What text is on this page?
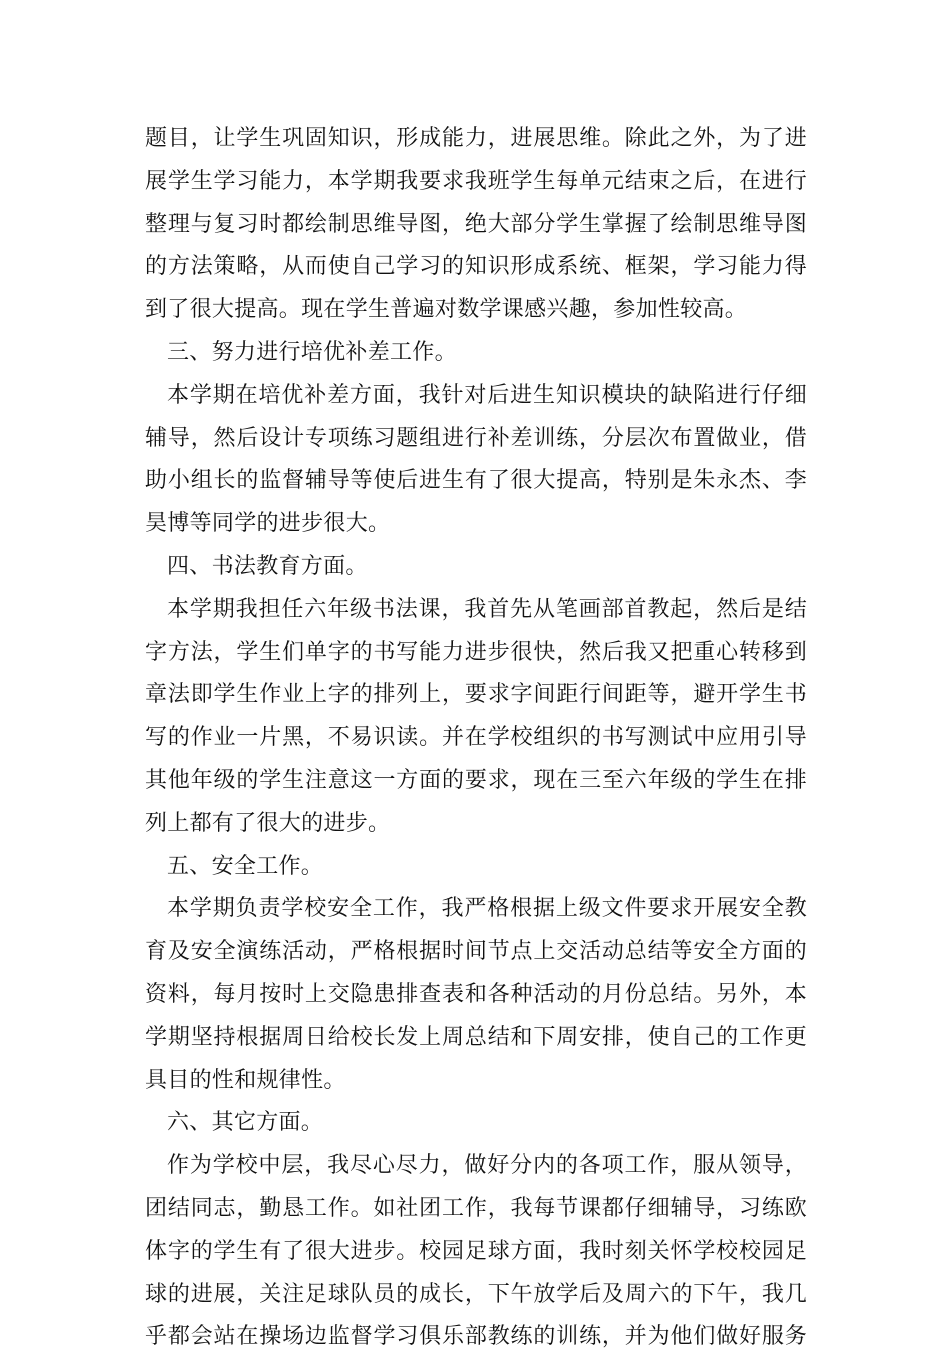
题目，让学生巩固知识，形成能力，进展思维。除此之外，为了进
展学生学习能力，本学期我要求我班学生每单元结束之后，在进行
整理与复习时都绘制思维导图，绝大部分学生掌握了绘制思维导图
的方法策略，从而使自己学习的知识形成系统、框架，学习能力得
到了很大提高。现在学生普遍对数学课感兴趣，参加性较高。
三、努力进行培优补差工作。
本学期在培优补差方面，我针对后进生知识模块的缺陷进行仔细
辅导，然后设计专项练习题组进行补差训练，分层次布置做业，借
助小组长的监督辅导等使后进生有了很大提高，特别是朱永杰、李
昊博等同学的进步很大。
四、书法教育方面。
本学期我担任六年级书法课，我首先从笔画部首教起，然后是结
字方法，学生们单字的书写能力进步很快，然后我又把重心转移到
章法即学生作业上字的排列上，要求字间距行间距等，避开学生书
写的作业一片黑，不易识读。并在学校组织的书写测试中应用引导
其他年级的学生注意这一方面的要求，现在三至六年级的学生在排
列上都有了很大的进步。
五、安全工作。
本学期负责学校安全工作，我严格根据上级文件要求开展安全教
育及安全演练活动，严格根据时间节点上交活动总结等安全方面的
资料，每月按时上交隐患排查表和各种活动的月份总结。另外，本
学期坚持根据周日给校长发上周总结和下周安排，使自己的工作更
具目的性和规律性。
六、其它方面。
作为学校中层，我尽心尽力，做好分内的各项工作，服从领导，
团结同志，勤恳工作。如社团工作，我每节课都仔细辅导，习练欧
体字的学生有了很大进步。校园足球方面，我时刻关怀学校校园足
球的进展，关注足球队员的成长，下午放学后及周六的下午，我几
乎都会站在操场边监督学习俱乐部教练的训练，并为他们做好服务
